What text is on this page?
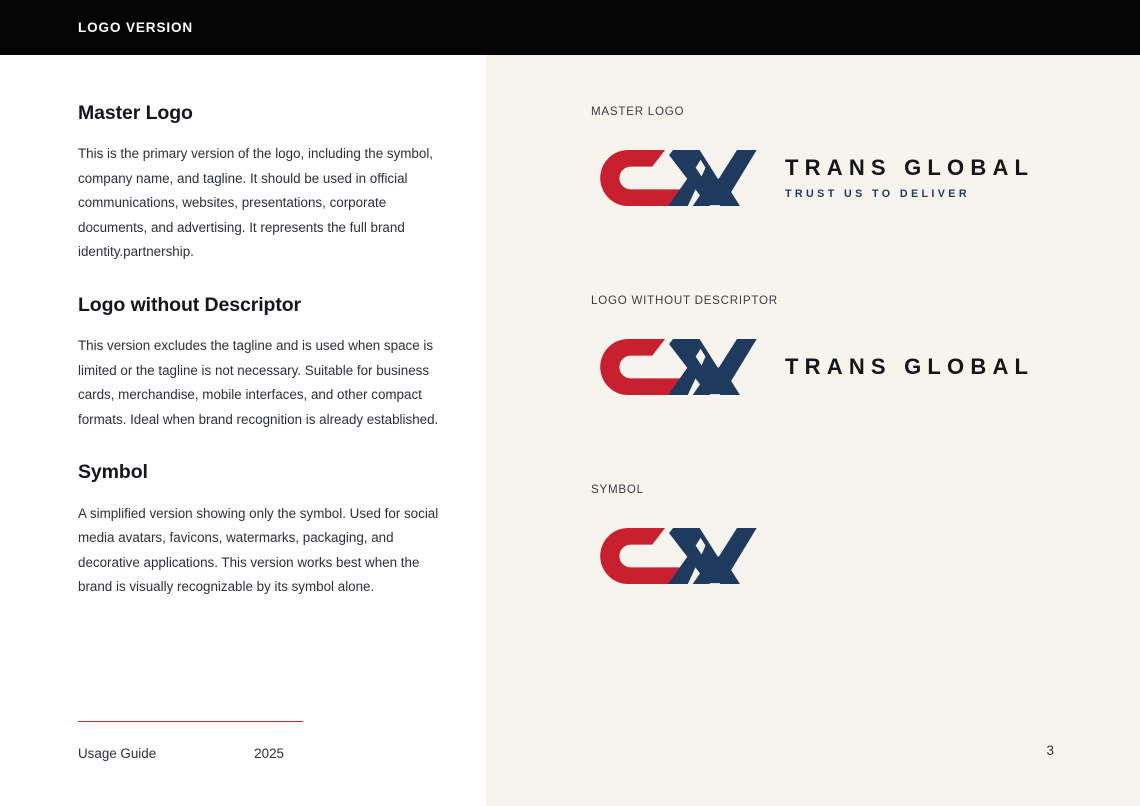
LOGO VERSION
Master Logo

This is the primary version of the logo, including the symbol, company name, and tagline. It should be used in official communications, websites, presentations, corporate documents, and advertising. It represents the full brand identity.partnership.

Logo without Descriptor

This version excludes the tagline and is used when space is limited or the tagline is not necessary. Suitable for business cards, merchandise, mobile interfaces, and other compact formats. Ideal when brand recognition is already established.

Symbol

A simplified version showing only the symbol. Used for social media avatars, favicons, watermarks, packaging, and decorative applications. This version works best when the brand is visually recognizable by its symbol alone.

Usage Guide	2025
MASTER LOGO
TRANS GLOBAL
TRUST US TO DELIVER
LOGO WITHOUT DESCRIPTOR
TRANS GLOBAL
SYMBOL
3
